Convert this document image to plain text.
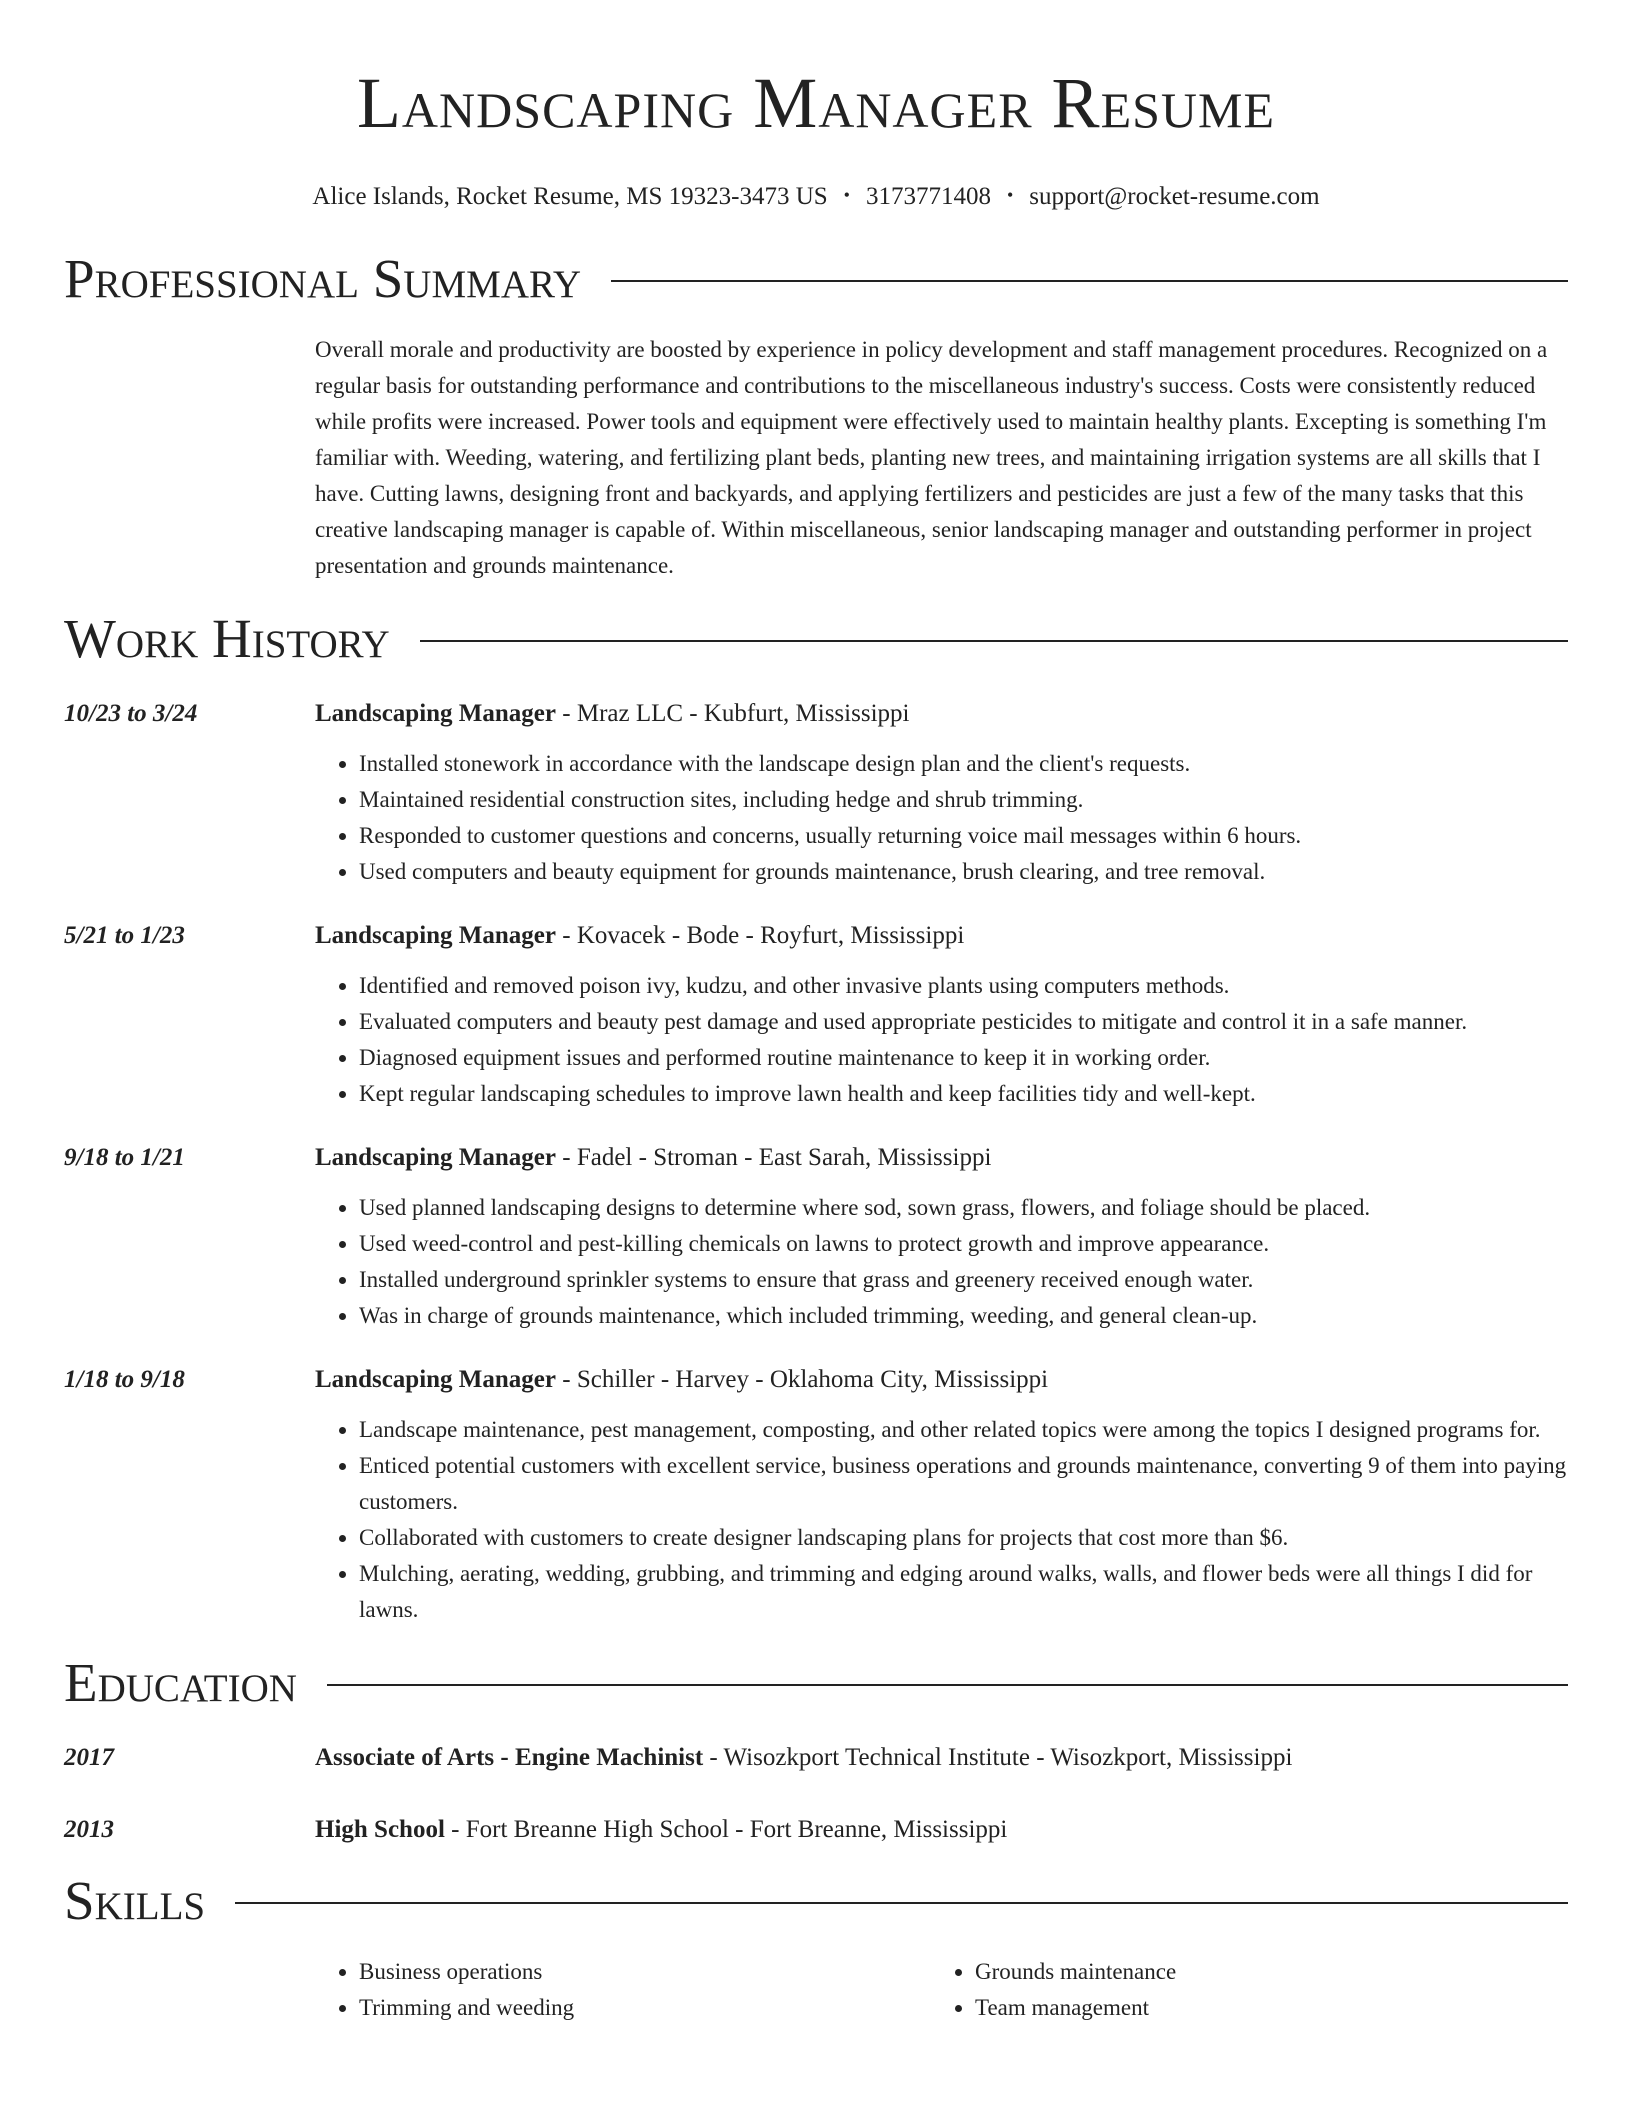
Landscaping Manager Resume
Alice Islands, Rocket Resume, MS 19323-3473 US • 3173771408 • support@rocket-resume.com
Professional Summary
Overall morale and productivity are boosted by experience in policy development and staff management procedures. Recognized on a regular basis for outstanding performance and contributions to the miscellaneous industry's success. Costs were consistently reduced while profits were increased. Power tools and equipment were effectively used to maintain healthy plants. Excepting is something I'm familiar with. Weeding, watering, and fertilizing plant beds, planting new trees, and maintaining irrigation systems are all skills that I have. Cutting lawns, designing front and backyards, and applying fertilizers and pesticides are just a few of the many tasks that this creative landscaping manager is capable of. Within miscellaneous, senior landscaping manager and outstanding performer in project presentation and grounds maintenance.
Work History
10/23 to 3/24	Landscaping Manager - Mraz LLC - Kubfurt, Mississippi
• Installed stonework in accordance with the landscape design plan and the client's requests.
• Maintained residential construction sites, including hedge and shrub trimming.
• Responded to customer questions and concerns, usually returning voice mail messages within 6 hours.
• Used computers and beauty equipment for grounds maintenance, brush clearing, and tree removal.
5/21 to 1/23	Landscaping Manager - Kovacek - Bode - Royfurt, Mississippi
• Identified and removed poison ivy, kudzu, and other invasive plants using computers methods.
• Evaluated computers and beauty pest damage and used appropriate pesticides to mitigate and control it in a safe manner.
• Diagnosed equipment issues and performed routine maintenance to keep it in working order.
• Kept regular landscaping schedules to improve lawn health and keep facilities tidy and well-kept.
9/18 to 1/21	Landscaping Manager - Fadel - Stroman - East Sarah, Mississippi
• Used planned landscaping designs to determine where sod, sown grass, flowers, and foliage should be placed.
• Used weed-control and pest-killing chemicals on lawns to protect growth and improve appearance.
• Installed underground sprinkler systems to ensure that grass and greenery received enough water.
• Was in charge of grounds maintenance, which included trimming, weeding, and general clean-up.
1/18 to 9/18	Landscaping Manager - Schiller - Harvey - Oklahoma City, Mississippi
• Landscape maintenance, pest management, composting, and other related topics were among the topics I designed programs for.
• Enticed potential customers with excellent service, business operations and grounds maintenance, converting 9 of them into paying customers.
• Collaborated with customers to create designer landscaping plans for projects that cost more than $6.
• Mulching, aerating, wedding, grubbing, and trimming and edging around walks, walls, and flower beds were all things I did for lawns.
Education
2017	Associate of Arts - Engine Machinist - Wisozkport Technical Institute - Wisozkport, Mississippi
2013	High School - Fort Breanne High School - Fort Breanne, Mississippi
Skills
• Business operations
• Trimming and weeding
• Grounds maintenance
• Team management
